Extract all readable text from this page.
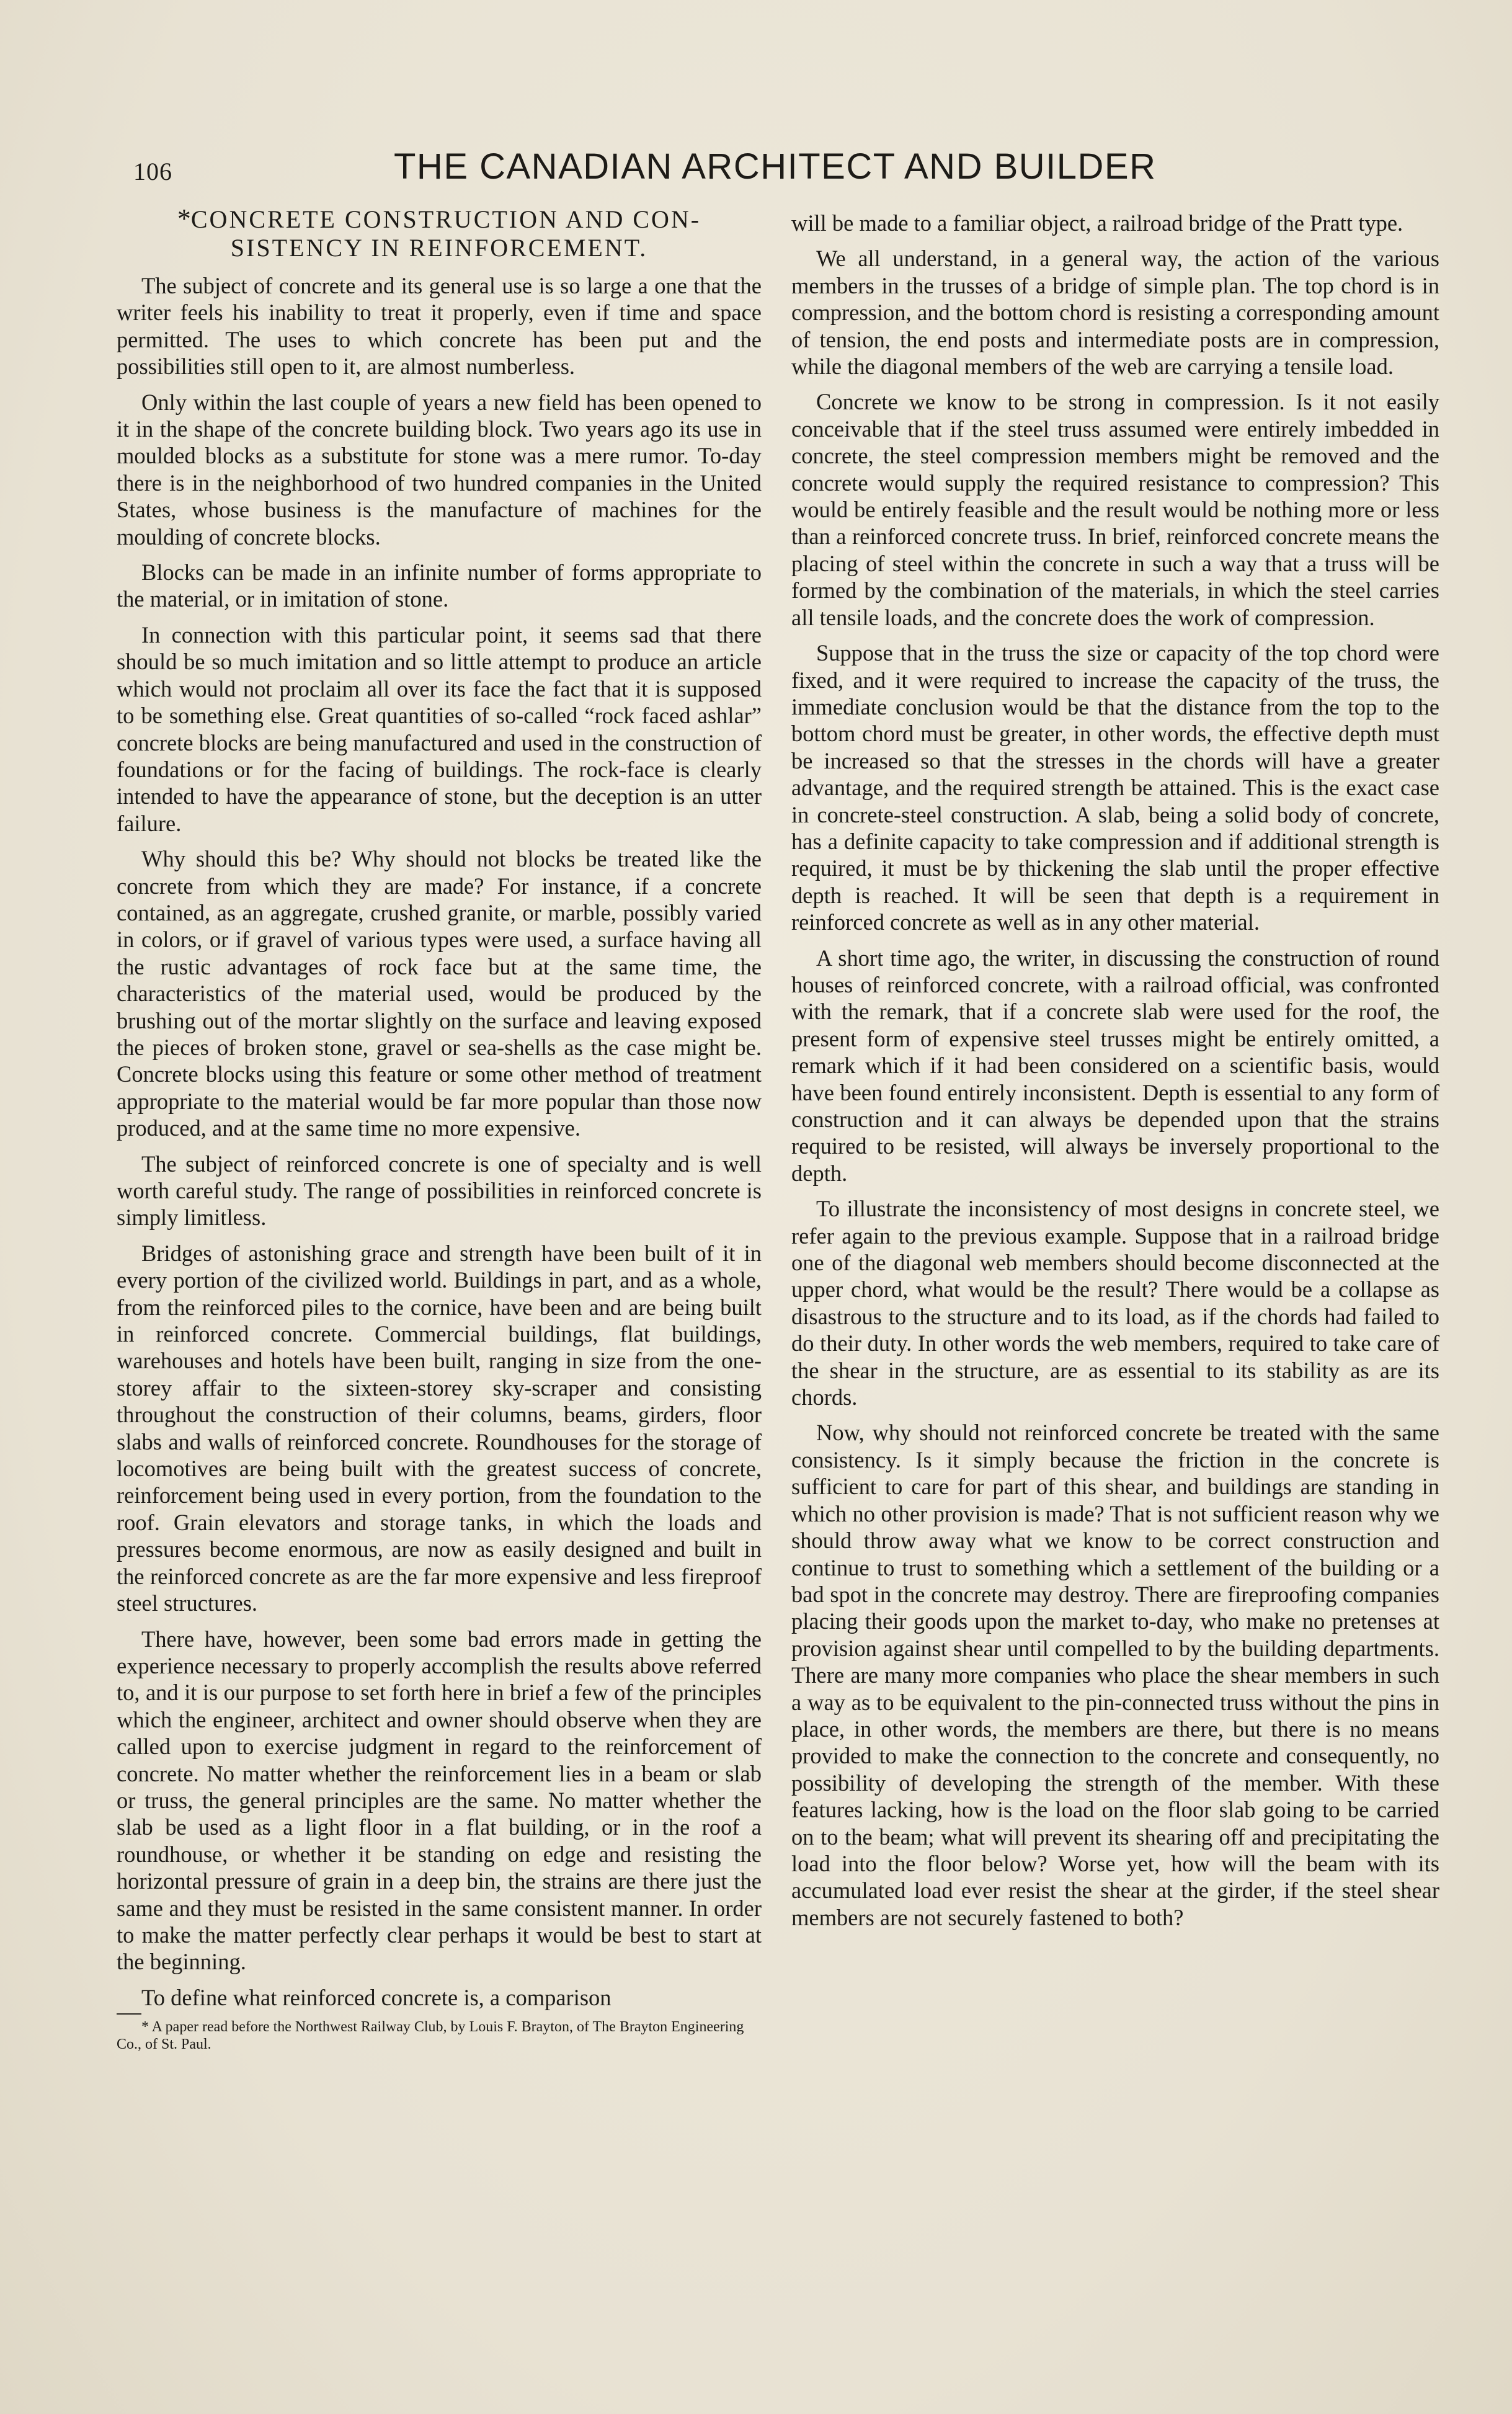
106	THE CANADIAN ARCHITECT AND BUILDER
*CONCRETE CONSTRUCTION AND CON-
SISTENCY IN REINFORCEMENT.

The subject of concrete and its general use is so large a one that the writer feels his inability to treat it properly, even if time and space permitted. The uses to which concrete has been put and the possibilities still open to it, are almost numberless.

Only within the last couple of years a new field has been opened to it in the shape of the concrete building block. Two years ago its use in moulded blocks as a substitute for stone was a mere rumor. To-day there is in the neighborhood of two hundred companies in the United States, whose business is the manufacture of machines for the moulding of concrete blocks.

Blocks can be made in an infinite number of forms appropriate to the material, or in imitation of stone.

In connection with this particular point, it seems sad that there should be so much imitation and so little attempt to produce an article which would not proclaim all over its face the fact that it is supposed to be something else. Great quantities of so-called “rock faced ashlar” concrete blocks are being manufactured and used in the construction of foundations or for the facing of buildings. The rock-face is clearly intended to have the appearance of stone, but the deception is an utter failure.

Why should this be? Why should not blocks be treated like the concrete from which they are made? For instance, if a concrete contained, as an aggregate, crushed granite, or marble, possibly varied in colors, or if gravel of various types were used, a surface having all the rustic advantages of rock face but at the same time, the characteristics of the material used, would be produced by the brushing out of the mortar slightly on the surface and leaving exposed the pieces of broken stone, gravel or sea-shells as the case might be. Concrete blocks using this feature or some other method of treatment appropriate to the material would be far more popular than those now produced, and at the same time no more expensive.

The subject of reinforced concrete is one of specialty and is well worth careful study. The range of possibilities in reinforced concrete is simply limitless.

Bridges of astonishing grace and strength have been built of it in every portion of the civilized world. Buildings in part, and as a whole, from the reinforced piles to the cornice, have been and are being built in reinforced concrete. Commercial buildings, flat buildings, warehouses and hotels have been built, ranging in size from the one-storey affair to the sixteen-storey sky-scraper and consisting throughout the construction of their columns, beams, girders, floor slabs and walls of reinforced concrete. Roundhouses for the storage of locomotives are being built with the greatest success of concrete, reinforcement being used in every portion, from the foundation to the roof. Grain elevators and storage tanks, in which the loads and pressures become enormous, are now as easily designed and built in the reinforced concrete as are the far more expensive and less fireproof steel structures.

There have, however, been some bad errors made in getting the experience necessary to properly accomplish the results above referred to, and it is our purpose to set forth here in brief a few of the principles which the engineer, architect and owner should observe when they are called upon to exercise judgment in regard to the reinforcement of concrete. No matter whether the reinforcement lies in a beam or slab or truss, the general principles are the same. No matter whether the slab be used as a light floor in a flat building, or in the roof a roundhouse, or whether it be standing on edge and resisting the horizontal pressure of grain in a deep bin, the strains are there just the same and they must be resisted in the same consistent manner. In order to make the matter perfectly clear perhaps it would be best to start at the beginning.

To define what reinforced concrete is, a comparison

* A paper read before the Northwest Railway Club, by Louis F. Brayton, of The Brayton Engineering Co., of St. Paul.

will be made to a familiar object, a railroad bridge of the Pratt type.

We all understand, in a general way, the action of the various members in the trusses of a bridge of simple plan. The top chord is in compression, and the bottom chord is resisting a corresponding amount of tension, the end posts and intermediate posts are in compression, while the diagonal members of the web are carrying a tensile load.

Concrete we know to be strong in compression. Is it not easily conceivable that if the steel truss assumed were entirely imbedded in concrete, the steel compression members might be removed and the concrete would supply the required resistance to compression? This would be entirely feasible and the result would be nothing more or less than a reinforced concrete truss. In brief, reinforced concrete means the placing of steel within the concrete in such a way that a truss will be formed by the combination of the materials, in which the steel carries all tensile loads, and the concrete does the work of compression.

Suppose that in the truss the size or capacity of the top chord were fixed, and it were required to increase the capacity of the truss, the immediate conclusion would be that the distance from the top to the bottom chord must be greater, in other words, the effective depth must be increased so that the stresses in the chords will have a greater advantage, and the required strength be attained. This is the exact case in concrete-steel construction. A slab, being a solid body of concrete, has a definite capacity to take compression and if additional strength is required, it must be by thickening the slab until the proper effective depth is reached. It will be seen that depth is a requirement in reinforced concrete as well as in any other material.

A short time ago, the writer, in discussing the construction of round houses of reinforced concrete, with a railroad official, was confronted with the remark, that if a concrete slab were used for the roof, the present form of expensive steel trusses might be entirely omitted, a remark which if it had been considered on a scientific basis, would have been found entirely inconsistent. Depth is essential to any form of construction and it can always be depended upon that the strains required to be resisted, will always be inversely proportional to the depth.

To illustrate the inconsistency of most designs in concrete steel, we refer again to the previous example. Suppose that in a railroad bridge one of the diagonal web members should become disconnected at the upper chord, what would be the result? There would be a collapse as disastrous to the structure and to its load, as if the chords had failed to do their duty. In other words the web members, required to take care of the shear in the structure, are as essential to its stability as are its chords.

Now, why should not reinforced concrete be treated with the same consistency. Is it simply because the friction in the concrete is sufficient to care for part of this shear, and buildings are standing in which no other provision is made? That is not sufficient reason why we should throw away what we know to be correct construction and continue to trust to something which a settlement of the building or a bad spot in the concrete may destroy. There are fireproofing companies placing their goods upon the market to-day, who make no pretenses at provision against shear until compelled to by the building departments. There are many more companies who place the shear members in such a way as to be equivalent to the pin-connected truss without the pins in place, in other words, the members are there, but there is no means provided to make the connection to the concrete and consequently, no possibility of developing the strength of the member. With these features lacking, how is the load on the floor slab going to be carried on to the beam; what will prevent its shearing off and precipitating the load into the floor below? Worse yet, how will the beam with its accumulated load ever resist the shear at the girder, if the steel shear members are not securely fastened to both?
